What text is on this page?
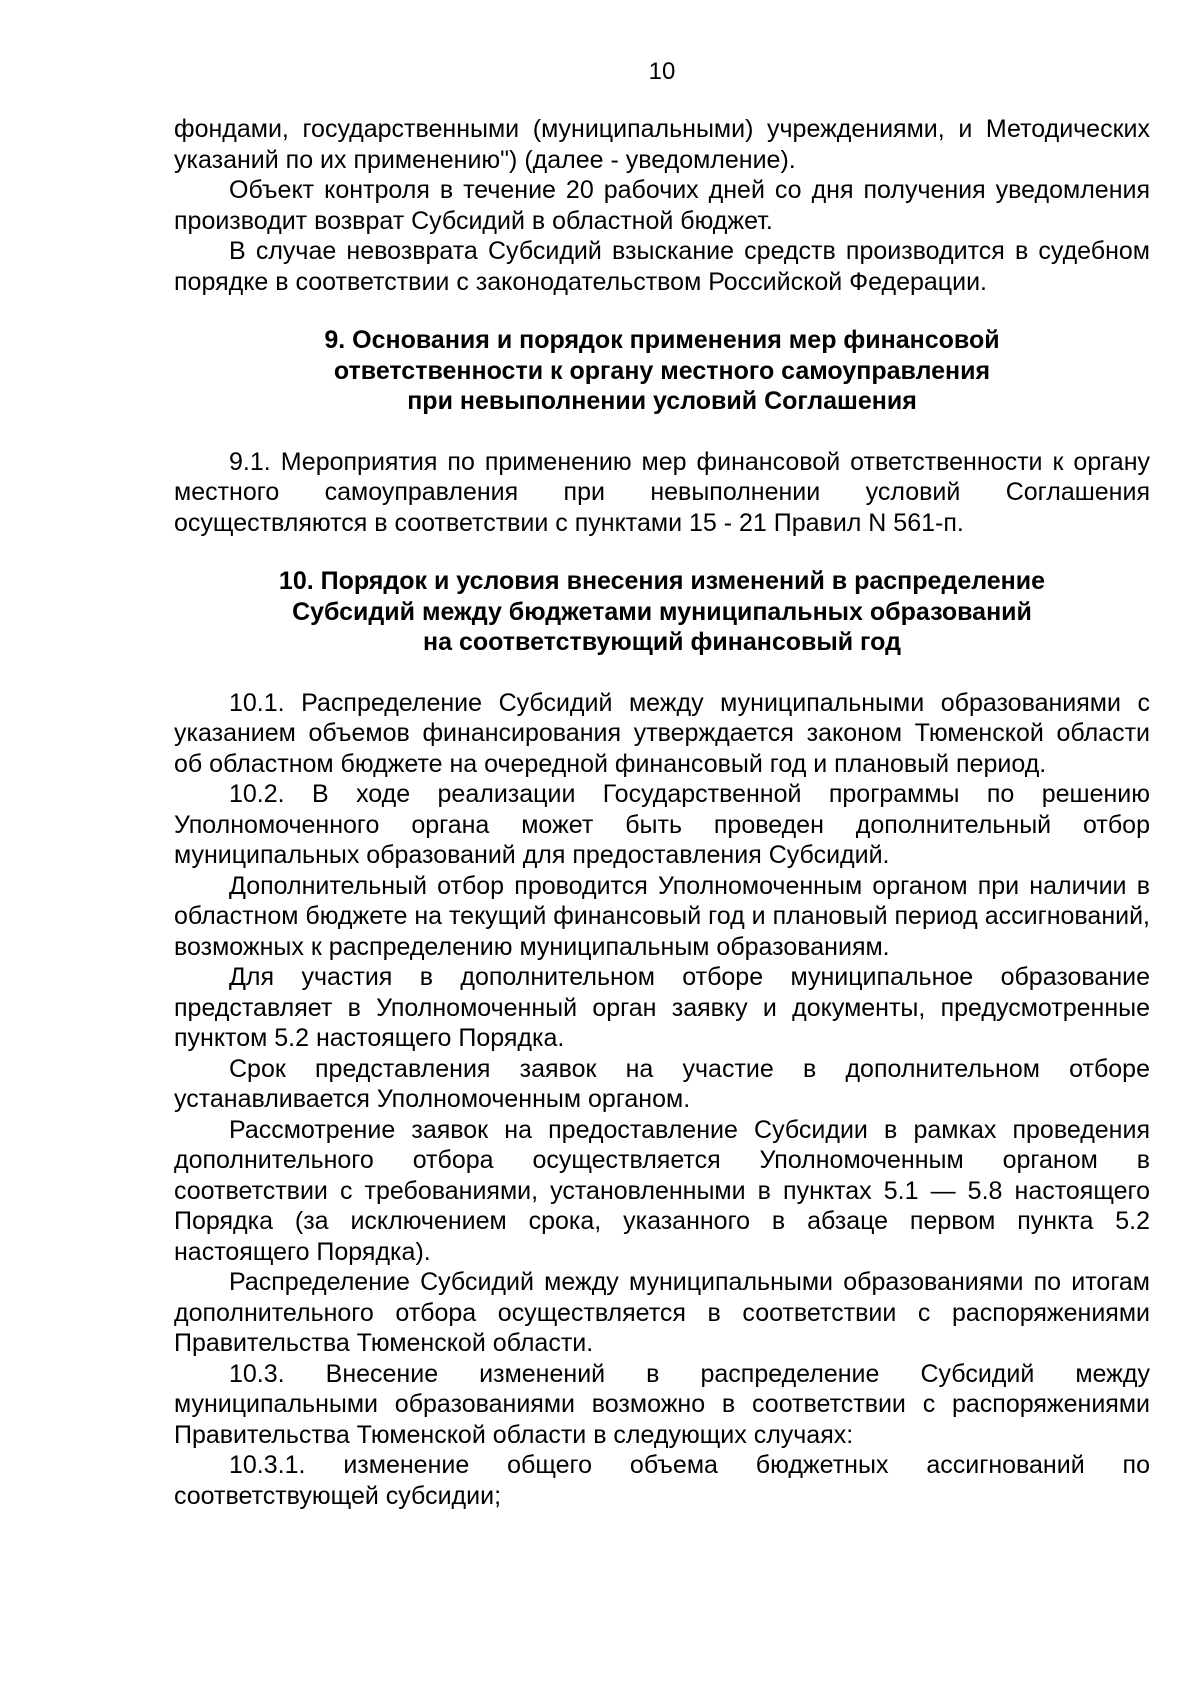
10

фондами, государственными (муниципальными) учреждениями, и Методических указаний по их применению") (далее - уведомление).

Объект контроля в течение 20 рабочих дней со дня получения уведомления производит возврат Субсидий в областной бюджет.

В случае невозврата Субсидий взыскание средств производится в судебном порядке в соответствии с законодательством Российской Федерации.

9. Основания и порядок применения мер финансовой
ответственности к органу местного самоуправления
при невыполнении условий Соглашения

9.1. Мероприятия по применению мер финансовой ответственности к органу местного самоуправления при невыполнении условий Соглашения осуществляются в соответствии с пунктами 15 - 21 Правил N 561-п.

10. Порядок и условия внесения изменений в распределение
Субсидий между бюджетами муниципальных образований
на соответствующий финансовый год

10.1. Распределение Субсидий между муниципальными образованиями с указанием объемов финансирования утверждается законом Тюменской области об областном бюджете на очередной финансовый год и плановый период.

10.2. В ходе реализации Государственной программы по решению Уполномоченного органа может быть проведен дополнительный отбор муниципальных образований для предоставления Субсидий.

Дополнительный отбор проводится Уполномоченным органом при наличии в областном бюджете на текущий финансовый год и плановый период ассигнований, возможных к распределению муниципальным образованиям.

Для участия в дополнительном отборе муниципальное образование представляет в Уполномоченный орган заявку и документы, предусмотренные пунктом 5.2 настоящего Порядка.

Срок представления заявок на участие в дополнительном отборе устанавливается Уполномоченным органом.

Рассмотрение заявок на предоставление Субсидии в рамках проведения дополнительного отбора осуществляется Уполномоченным органом в соответствии с требованиями, установленными в пунктах 5.1 — 5.8 настоящего Порядка (за исключением срока, указанного в абзаце первом пункта 5.2 настоящего Порядка).

Распределение Субсидий между муниципальными образованиями по итогам дополнительного отбора осуществляется в соответствии с распоряжениями Правительства Тюменской области.

10.3. Внесение изменений в распределение Субсидий между муниципальными образованиями возможно в соответствии с распоряжениями Правительства Тюменской области в следующих случаях:

10.3.1. изменение общего объема бюджетных ассигнований по соответствующей субсидии;
